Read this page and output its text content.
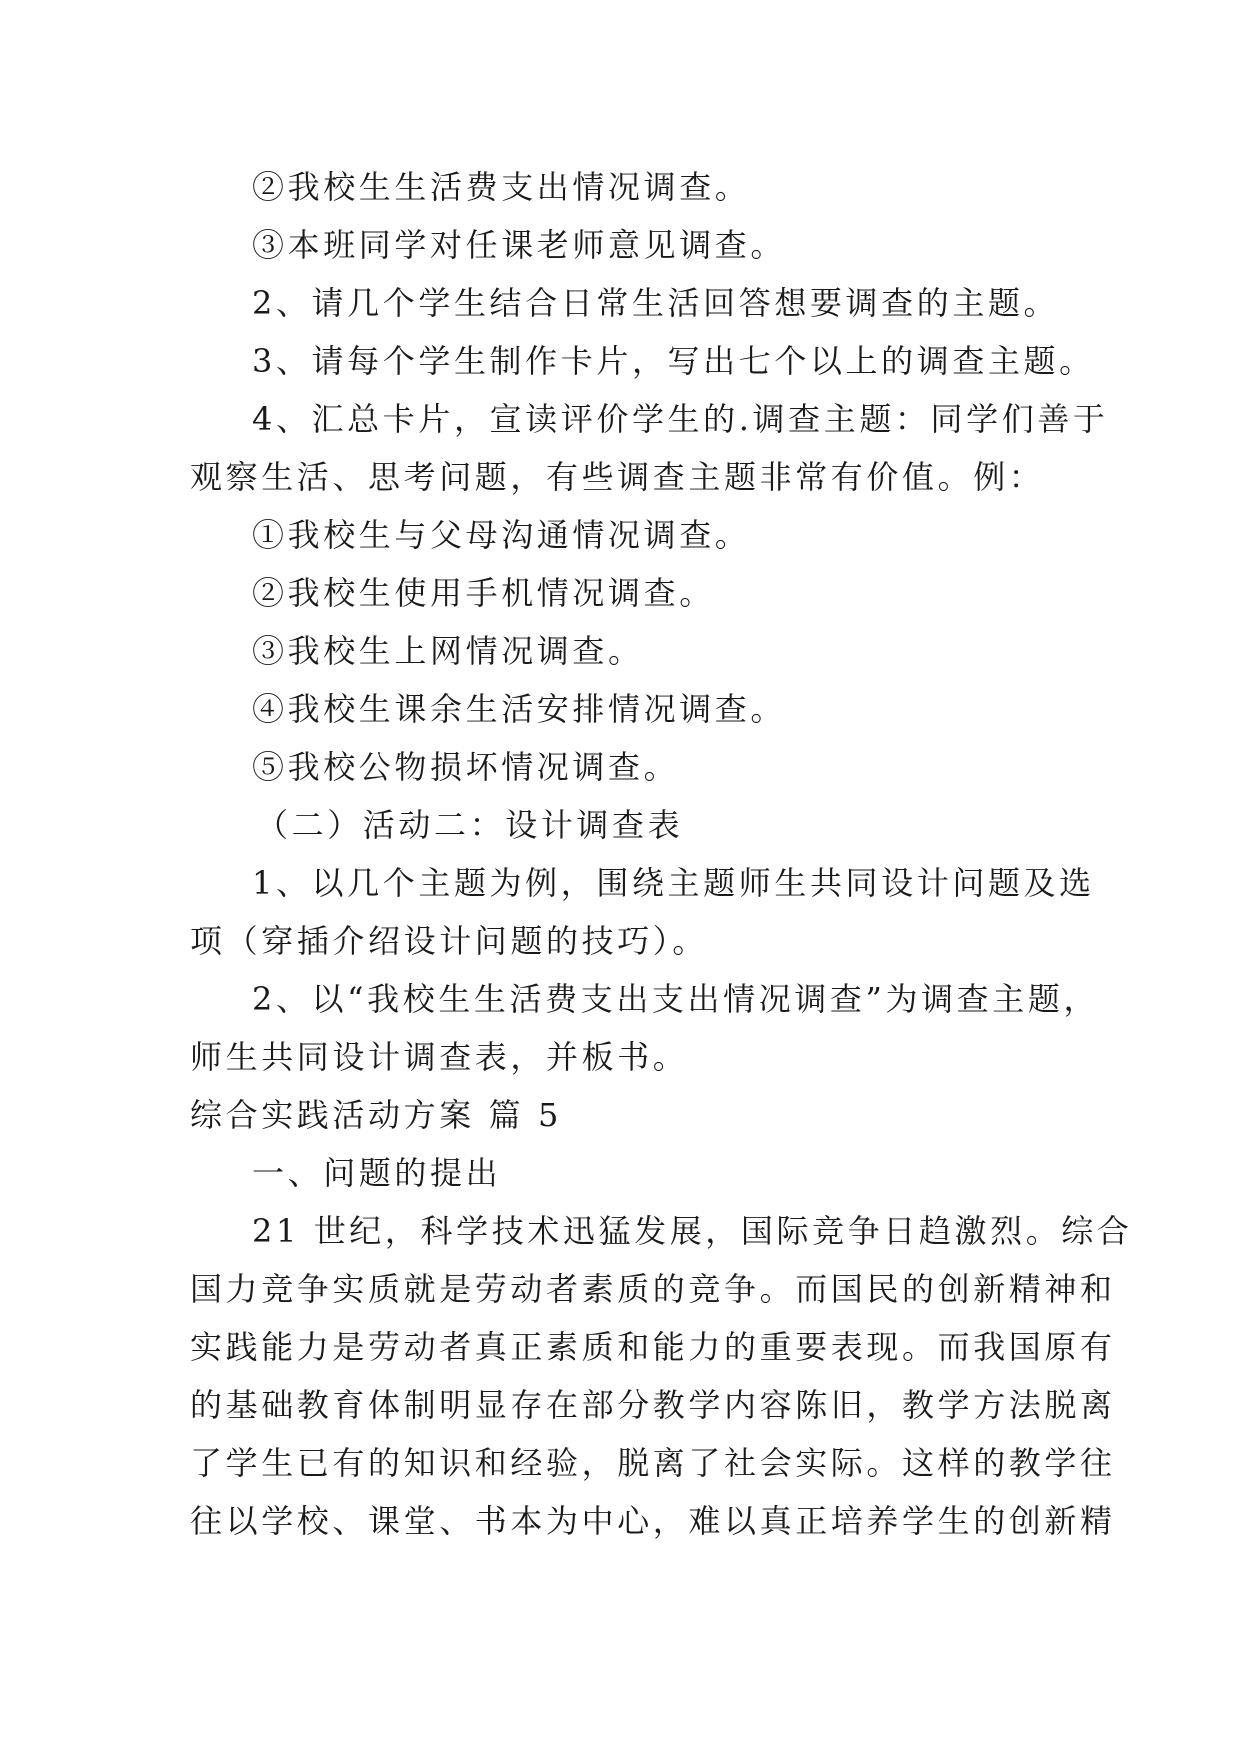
②我校生生活费支出情况调查。
③本班同学对任课老师意见调查。
2、请几个学生结合日常生活回答想要调查的主题。
3、请每个学生制作卡片，写出七个以上的调查主题。
4、汇总卡片，宣读评价学生的.调查主题：同学们善于
观察生活、思考问题，有些调查主题非常有价值。例：
①我校生与父母沟通情况调查。
②我校生使用手机情况调查。
③我校生上网情况调查。
④我校生课余生活安排情况调查。
⑤我校公物损坏情况调查。
（二）活动二：设计调查表
1、以几个主题为例，围绕主题师生共同设计问题及选
项（穿插介绍设计问题的技巧）。
2、以“我校生生活费支出支出情况调查”为调查主题，
师生共同设计调查表，并板书。
综合实践活动方案 篇 5
一、问题的提出
21 世纪，科学技术迅猛发展，国际竞争日趋激烈。综合
国力竞争实质就是劳动者素质的竞争。而国民的创新精神和
实践能力是劳动者真正素质和能力的重要表现。而我国原有
的基础教育体制明显存在部分教学内容陈旧，教学方法脱离
了学生已有的知识和经验，脱离了社会实际。这样的教学往
往以学校、课堂、书本为中心，难以真正培养学生的创新精
